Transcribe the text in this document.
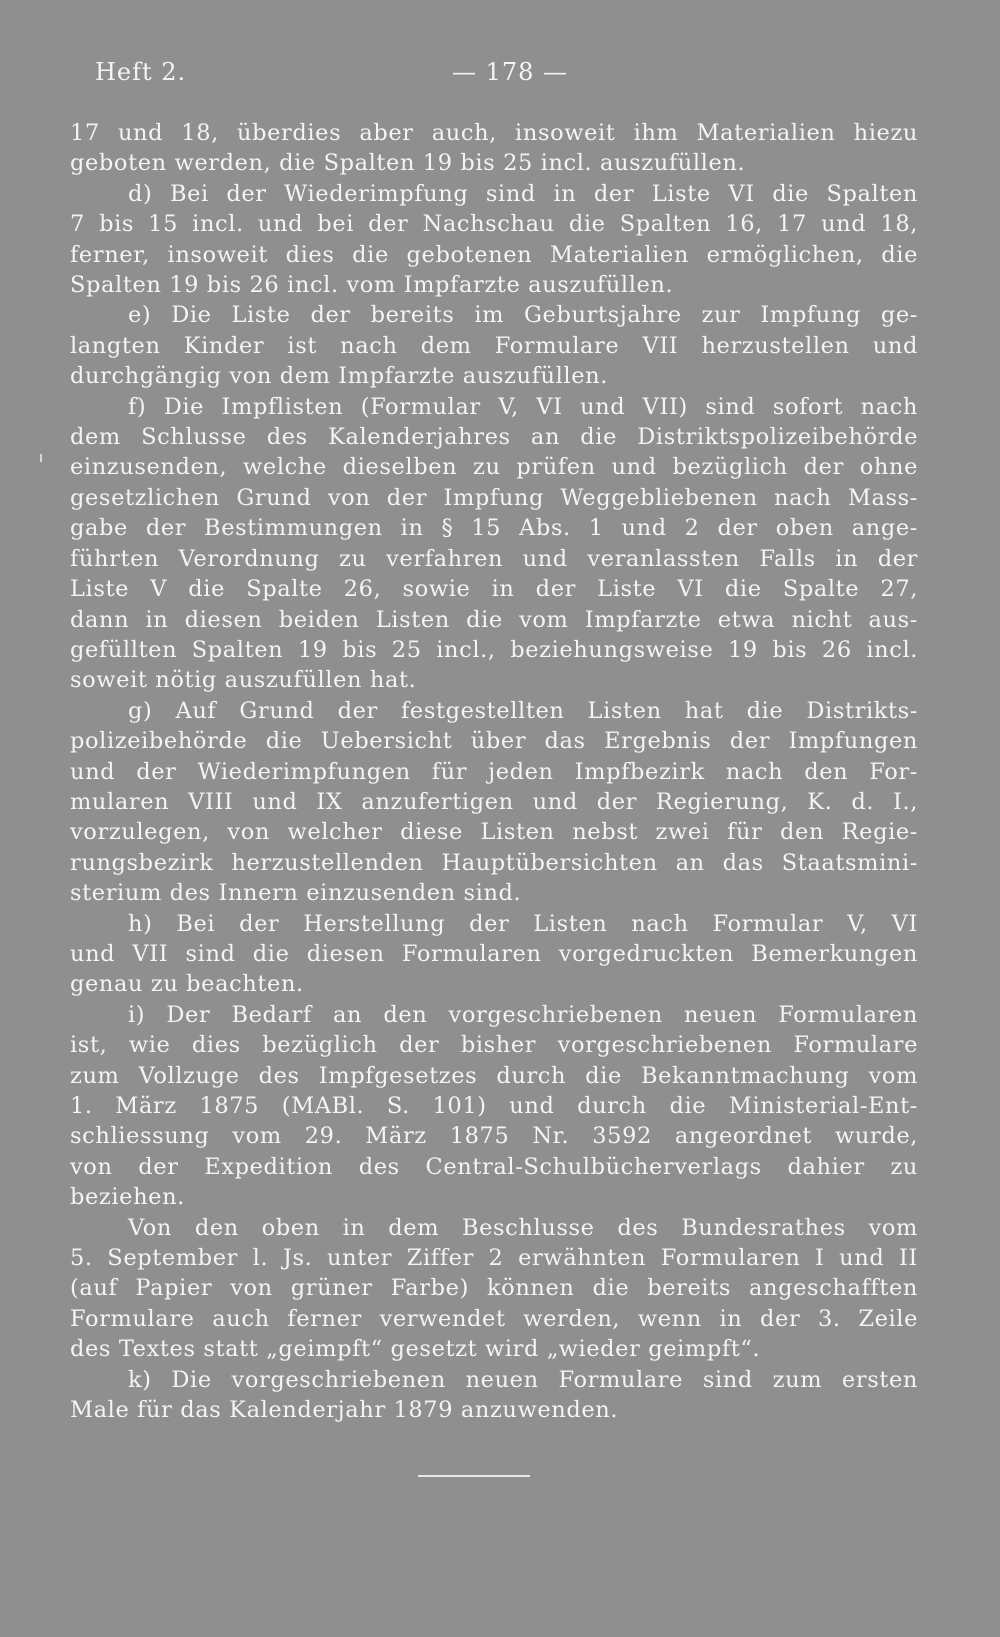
Heft 2.	— 178 —
17 und 18, überdies aber auch, insoweit ihm Materialien hiezu
geboten werden, die Spalten 19 bis 25 incl. auszufüllen.
d) Bei der Wiederimpfung sind in der Liste VI die Spalten
7 bis 15 incl. und bei der Nachschau die Spalten 16, 17 und 18,
ferner, insoweit dies die gebotenen Materialien ermöglichen, die
Spalten 19 bis 26 incl. vom Impfarzte auszufüllen.
e) Die Liste der bereits im Geburtsjahre zur Impfung ge-
langten Kinder ist nach dem Formulare VII herzustellen und
durchgängig von dem Impfarzte auszufüllen.
f) Die Impflisten (Formular V, VI und VII) sind sofort nach
dem Schlusse des Kalenderjahres an die Distriktspolizeibehörde
einzusenden, welche dieselben zu prüfen und bezüglich der ohne
gesetzlichen Grund von der Impfung Weggebliebenen nach Mass-
gabe der Bestimmungen in § 15 Abs. 1 und 2 der oben ange-
führten Verordnung zu verfahren und veranlassten Falls in der
Liste V die Spalte 26, sowie in der Liste VI die Spalte 27,
dann in diesen beiden Listen die vom Impfarzte etwa nicht aus-
gefüllten Spalten 19 bis 25 incl., beziehungsweise 19 bis 26 incl.
soweit nötig auszufüllen hat.
g) Auf Grund der festgestellten Listen hat die Distrikts-
polizeibehörde die Uebersicht über das Ergebnis der Impfungen
und der Wiederimpfungen für jeden Impfbezirk nach den For-
mularen VIII und IX anzufertigen und der Regierung, K. d. I.,
vorzulegen, von welcher diese Listen nebst zwei für den Regie-
rungsbezirk herzustellenden Hauptübersichten an das Staatsmini-
sterium des Innern einzusenden sind.
h) Bei der Herstellung der Listen nach Formular V, VI
und VII sind die diesen Formularen vorgedruckten Bemerkungen
genau zu beachten.
i) Der Bedarf an den vorgeschriebenen neuen Formularen
ist, wie dies bezüglich der bisher vorgeschriebenen Formulare
zum Vollzuge des Impfgesetzes durch die Bekanntmachung vom
1. März 1875 (MABl. S. 101) und durch die Ministerial-Ent-
schliessung vom 29. März 1875 Nr. 3592 angeordnet wurde,
von der Expedition des Central-Schulbücherverlags dahier zu
beziehen.
Von den oben in dem Beschlusse des Bundesrathes vom
5. September l. Js. unter Ziffer 2 erwähnten Formularen I und II
(auf Papier von grüner Farbe) können die bereits angeschafften
Formulare auch ferner verwendet werden, wenn in der 3. Zeile
des Textes statt „geimpft“ gesetzt wird „wieder geimpft“.
k) Die vorgeschriebenen neuen Formulare sind zum ersten
Male für das Kalenderjahr 1879 anzuwenden.
